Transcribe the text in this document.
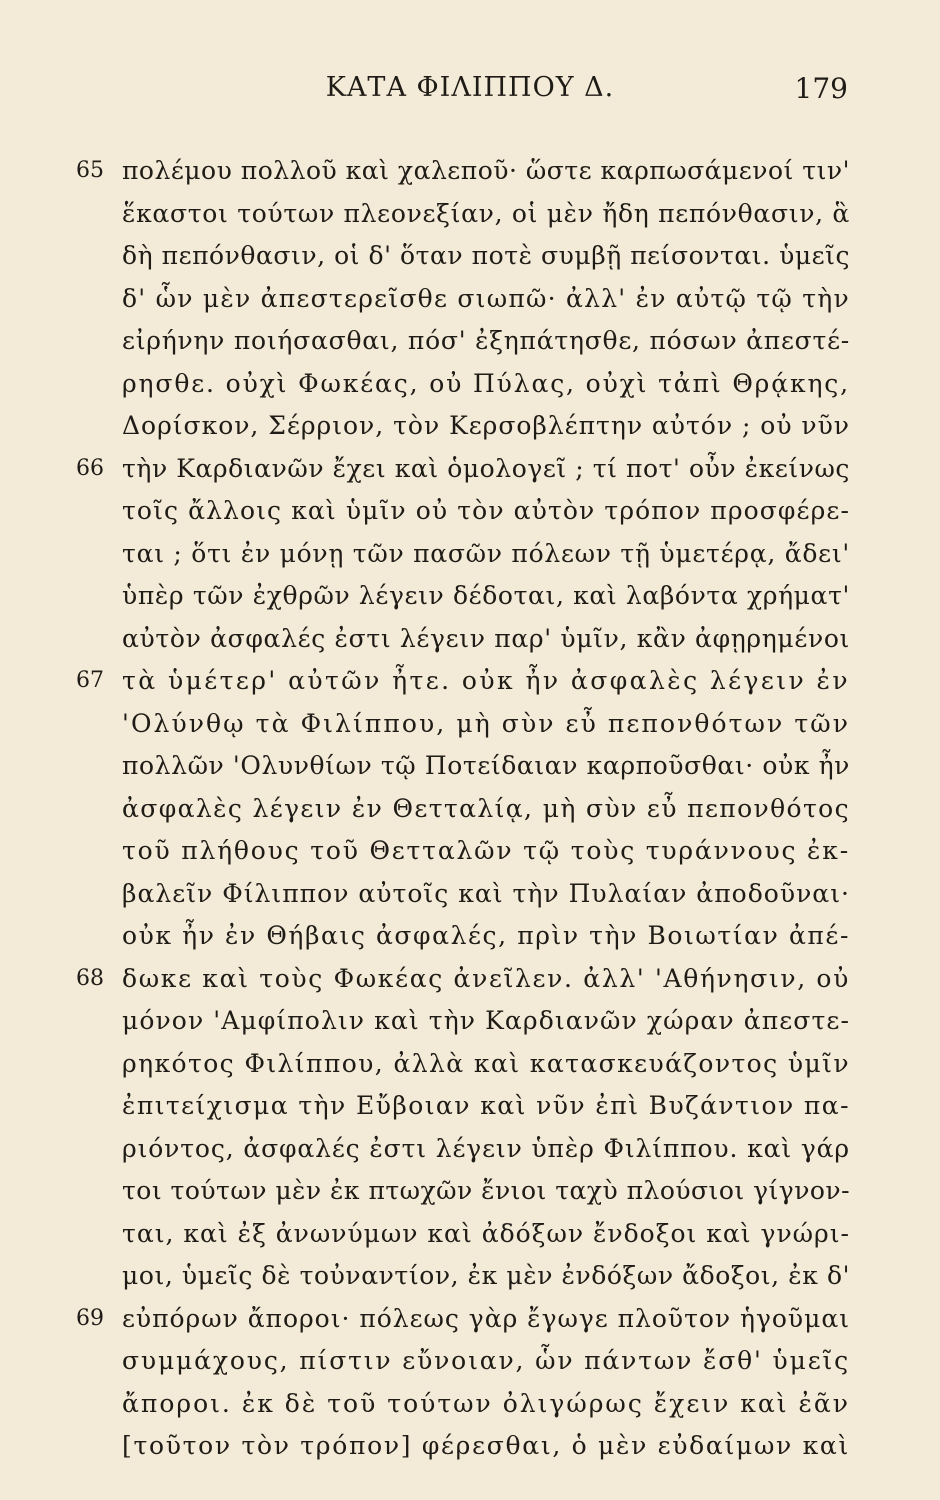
ΚΑΤΑ ΦΙΛΙΠΠΟΥ Δ.	179
65 πολέμου πολλοῦ καὶ χαλεποῦ· ὥστε καρπωσάμενοί τιν'
ἕκαστοι τούτων πλεονεξίαν, οἱ μὲν ἤδη πεπόνθασιν, ἃ
δὴ πεπόνθασιν, οἱ δ' ὅταν ποτὲ συμβῇ πείσονται. ὑμεῖς
δ' ὧν μὲν ἀπεστερεῖσθε σιωπῶ· ἀλλ' ἐν αὐτῷ τῷ τὴν
εἰρήνην ποιήσασθαι, πόσ' ἐξηπάτησθε, πόσων ἀπεστέ-
ρησθε. οὐχὶ Φωκέας, οὐ Πύλας, οὐχὶ τἀπὶ Θρᾴκης,
Δορίσκον, Σέρριον, τὸν Κερσοβλέπτην αὐτόν ; οὐ νῦν
66 τὴν Καρδιανῶν ἔχει καὶ ὁμολογεῖ ; τί ποτ' οὖν ἐκείνως
τοῖς ἄλλοις καὶ ὑμῖν οὐ τὸν αὐτὸν τρόπον προσφέρε-
ται ; ὅτι ἐν μόνῃ τῶν πασῶν πόλεων τῇ ὑμετέρᾳ, ἄδει'
ὑπὲρ τῶν ἐχθρῶν λέγειν δέδοται, καὶ λαβόντα χρήματ'
αὐτὸν ἀσφαλές ἐστι λέγειν παρ' ὑμῖν, κἂν ἀφῃρημένοι
67 τὰ ὑμέτερ' αὐτῶν ἦτε. οὐκ ἦν ἀσφαλὲς λέγειν ἐν
'Ολύνθῳ τὰ Φιλίππου, μὴ σὺν εὖ πεπονθότων τῶν
πολλῶν 'Ολυνθίων τῷ Ποτείδαιαν καρποῦσθαι· οὐκ ἦν
ἀσφαλὲς λέγειν ἐν Θετταλίᾳ, μὴ σὺν εὖ πεπονθότος
τοῦ πλήθους τοῦ Θετταλῶν τῷ τοὺς τυράννους ἐκ-
βαλεῖν Φίλιππον αὐτοῖς καὶ τὴν Πυλαίαν ἀποδοῦναι·
οὐκ ἦν ἐν Θήβαις ἀσφαλές, πρὶν τὴν Βοιωτίαν ἀπέ-
68 δωκε καὶ τοὺς Φωκέας ἀνεῖλεν. ἀλλ' 'Αθήνησιν, οὐ
μόνον 'Αμφίπολιν καὶ τὴν Καρδιανῶν χώραν ἀπεστε-
ρηκότος Φιλίππου, ἀλλὰ καὶ κατασκευάζοντος ὑμῖν
ἐπιτείχισμα τὴν Εὔβοιαν καὶ νῦν ἐπὶ Βυζάντιον πα-
ριόντος, ἀσφαλές ἐστι λέγειν ὑπὲρ Φιλίππου. καὶ γάρ
τοι τούτων μὲν ἐκ πτωχῶν ἔνιοι ταχὺ πλούσιοι γίγνον-
ται, καὶ ἐξ ἀνωνύμων καὶ ἀδόξων ἔνδοξοι καὶ γνώρι-
μοι, ὑμεῖς δὲ τοὐναντίον, ἐκ μὲν ἐνδόξων ἄδοξοι, ἐκ δ'
69 εὐπόρων ἄποροι· πόλεως γὰρ ἔγωγε πλοῦτον ἡγοῦμαι
συμμάχους, πίστιν εὔνοιαν, ὧν πάντων ἔσθ' ὑμεῖς
ἄποροι. ἐκ δὲ τοῦ τούτων ὀλιγώρως ἔχειν καὶ ἐᾶν
[τοῦτον τὸν τρόπον] φέρεσθαι, ὁ μὲν εὐδαίμων καὶ
